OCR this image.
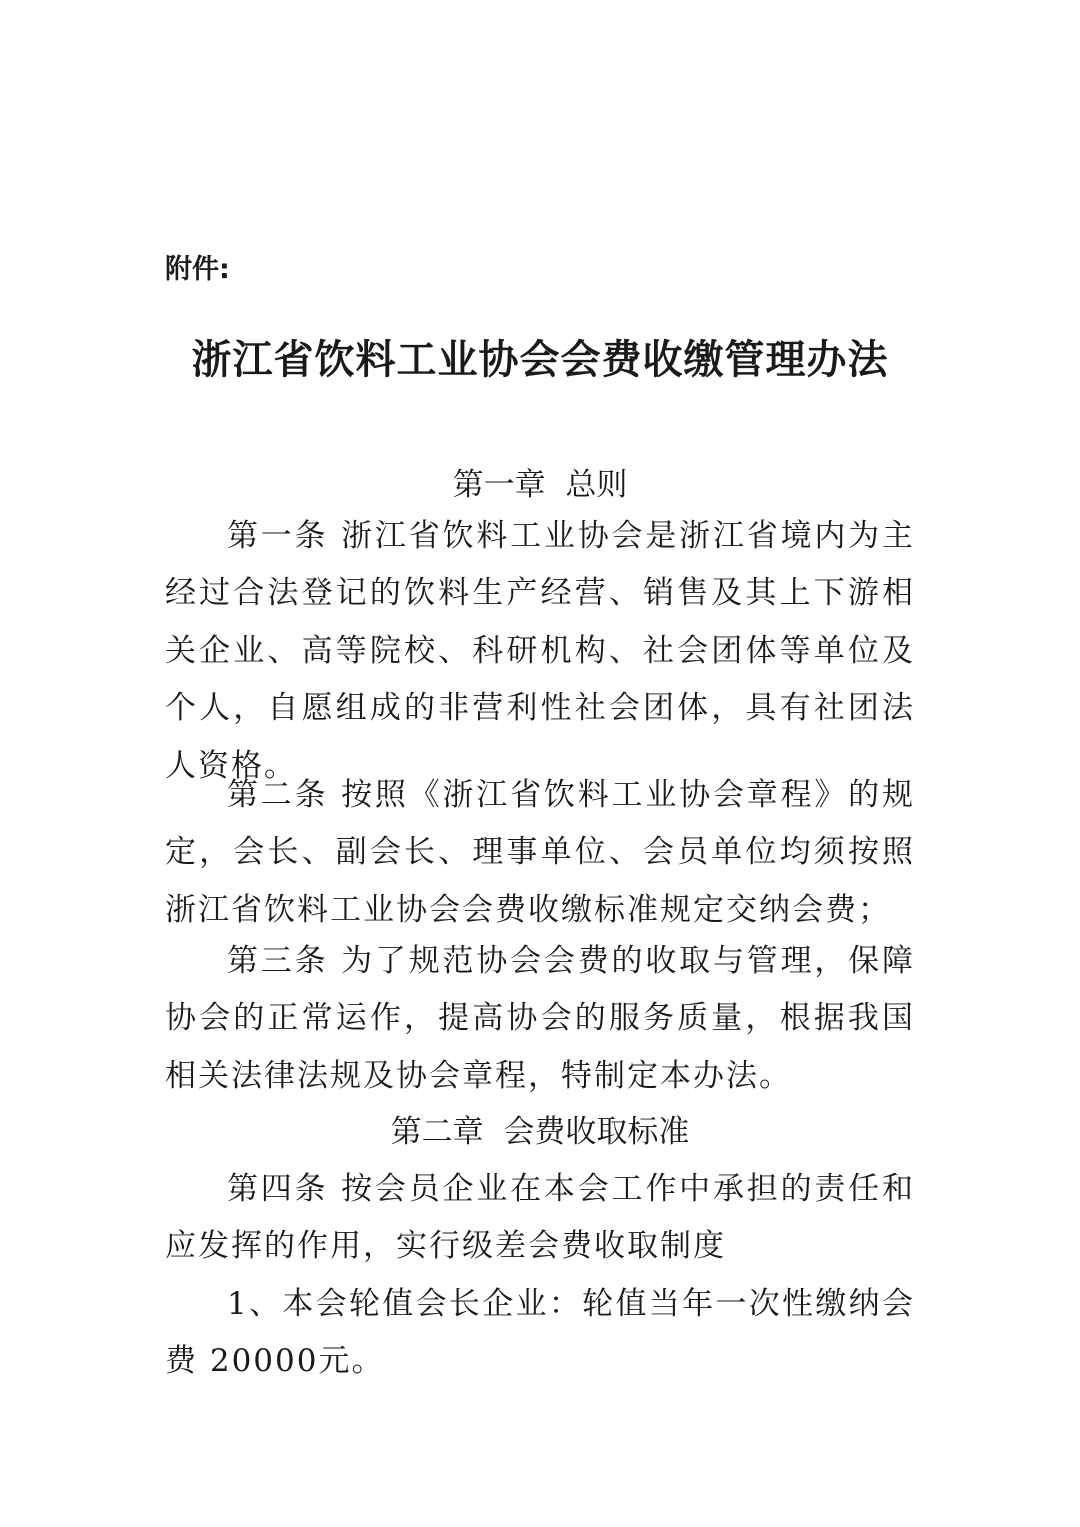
附件:
浙江省饮料工业协会会费收缴管理办法
第一章  总则
第一条 浙江省饮料工业协会是浙江省境内为主经过合法登记的饮料生产经营、销售及其上下游相关企业、高等院校、科研机构、社会团体等单位及个人，自愿组成的非营利性社会团体，具有社团法人资格。
第二条 按照《浙江省饮料工业协会章程》的规定，会长、副会长、理事单位、会员单位均须按照浙江省饮料工业协会会费收缴标准规定交纳会费；
第三条 为了规范协会会费的收取与管理，保障协会的正常运作，提高协会的服务质量，根据我国相关法律法规及协会章程，特制定本办法。
第二章  会费收取标准
第四条 按会员企业在本会工作中承担的责任和应发挥的作用，实行级差会费收取制度
1、本会轮值会长企业：轮值当年一次性缴纳会费 20000元。
